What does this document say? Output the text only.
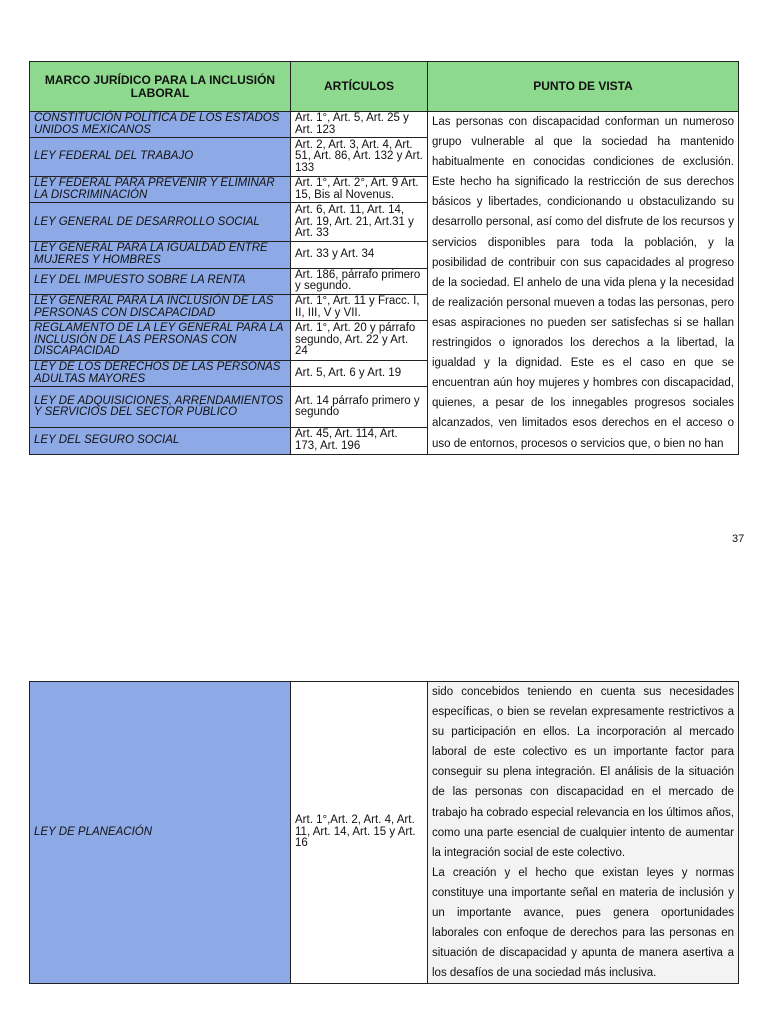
MARCO JURÍDICO PARA LA INCLUSIÓN LABORAL	ARTÍCULOS	PUNTO DE VISTA
CONSTITUCIÓN POLÍTICA DE LOS ESTADOS UNIDOS MEXICANOS	Art. 1°, Art. 5, Art. 25 y Art. 123	Las personas con discapacidad conforman un numeroso grupo vulnerable al que la sociedad ha mantenido habitualmente en conocidas condiciones de exclusión. Este hecho ha significado la restricción de sus derechos básicos y libertades, condicionando u obstaculizando su desarrollo personal, así como del disfrute de los recursos y servicios disponibles para toda la población, y la posibilidad de contribuir con sus capacidades al progreso de la sociedad. El anhelo de una vida plena y la necesidad de realización personal mueven a todas las personas, pero esas aspiraciones no pueden ser satisfechas si se hallan restringidos o ignorados los derechos a la libertad, la igualdad y la dignidad. Este es el caso en que se encuentran aún hoy mujeres y hombres con discapacidad, quienes, a pesar de los innegables progresos sociales alcanzados, ven limitados esos derechos en el acceso o uso de entornos, procesos o servicios que, o bien no han
LEY FEDERAL DEL TRABAJO	Art. 2, Art. 3, Art. 4, Art. 51, Art. 86, Art. 132 y Art. 133	
LEY FEDERAL PARA PREVENIR Y ELIMINAR LA DISCRIMINACIÓN	Art. 1°, Art. 2°, Art. 9 Art. 15, Bis al Novenus.	
LEY GENERAL DE DESARROLLO SOCIAL	Art. 6, Art. 11, Art. 14, Art. 19, Art. 21, Art.31 y Art. 33	
LEY GENERAL PARA LA IGUALDAD ENTRE MUJERES Y HOMBRES	Art. 33 y Art. 34	
LEY DEL IMPUESTO SOBRE LA RENTA	Art. 186, párrafo primero y segundo.	
LEY GENERAL PARA LA INCLUSIÓN DE LAS PERSONAS CON DISCAPACIDAD	Art. 1°, Art. 11 y Fracc. I, II, III, V y VII.	
REGLAMENTO DE LA LEY GENERAL PARA LA INCLUSIÓN DE LAS PERSONAS CON DISCAPACIDAD	Art. 1°, Art. 20 y párrafo segundo, Art. 22 y Art. 24	
LEY DE LOS DERECHOS DE LAS PERSONAS ADULTAS MAYORES	Art. 5, Art. 6 y Art. 19	
LEY DE ADQUISICIONES, ARRENDAMIENTOS Y SERVICIOS DEL SECTOR PÚBLICO	Art. 14 párrafo primero y segundo	
LEY DEL SEGURO SOCIAL	Art. 45, Art. 114, Art. 173, Art. 196	
37
LEY DE PLANEACIÓN	Art. 1°,Art. 2, Art. 4, Art. 11, Art. 14, Art. 15 y Art. 16	

sido concebidos teniendo en cuenta sus necesidades específicas, o bien se revelan expresamente restrictivos a su participación en ellos. La incorporación al mercado laboral de este colectivo es un importante factor para conseguir su plena integración. El análisis de la situación de las personas con discapacidad en el mercado de trabajo ha cobrado especial relevancia en los últimos años, como una parte esencial de cualquier intento de aumentar la integración social de este colectivo.

La creación y el hecho que existan leyes y normas constituye una importante señal en materia de inclusión y un importante avance, pues genera oportunidades laborales con enfoque de derechos para las personas en situación de discapacidad y apunta de manera asertiva a los desafíos de una sociedad más inclusiva.
